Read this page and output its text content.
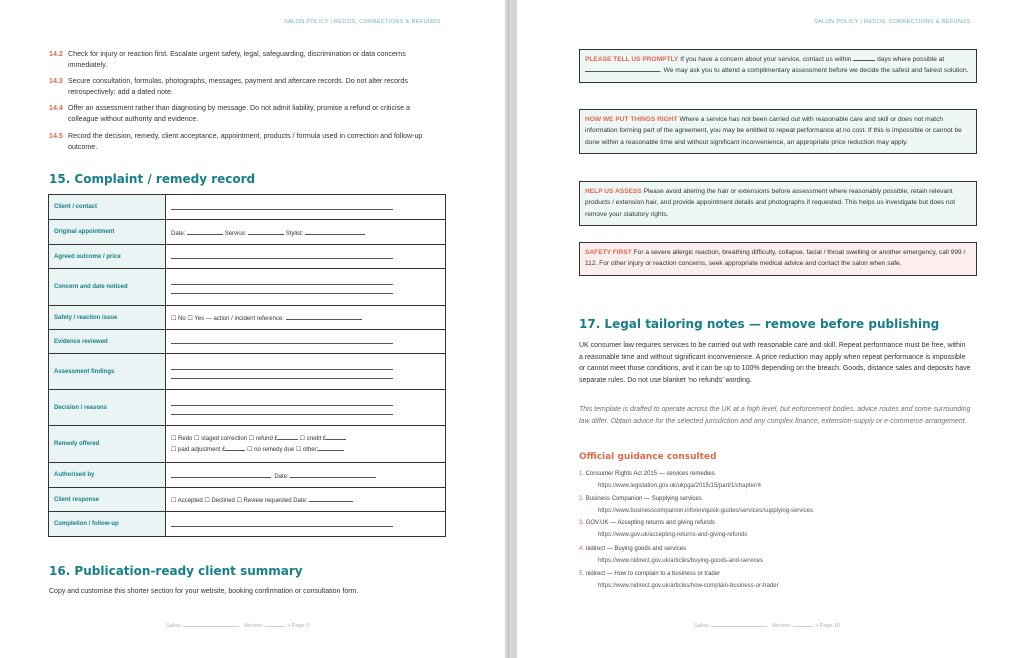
SALON POLICY | REDOS, CORRECTIONS & REFUNDS
14.2 Check for injury or reaction first. Escalate urgent safety, legal, safeguarding, discrimination or data concerns immediately.
14.3 Secure consultation, formulas, photographs, messages, payment and aftercare records. Do not alter records retrospectively; add a dated note.
14.4 Offer an assessment rather than diagnosing by message. Do not admit liability, promise a refund or criticise a colleague without authority and evidence.
14.5 Record the decision, remedy, client acceptance, appointment, products / formula used in correction and follow-up outcome.
15. Complaint / remedy record
Client / contact	

Original appointment	Date: Service: Stylist:
Agreed outcome / price	

Concern and date noticed	

Safety / reaction issue	☐ No ☐ Yes — action / incident reference:
Evidence reviewed	

Assessment findings	

Decision / reasons	

Remedy offered	☐ Redo ☐ staged correction ☐ refund £ ☐ credit £
☐ paid adjustment £ ☐ no remedy due ☐ other:

Authorised by	Date:
Client response	☐ Accepted ☐ Declined ☐ Review requested Date:
Completion / follow-up	
16. Publication-ready client summary
Copy and customise this shorter section for your website, booking confirmation or consultation form.
Salon:	Version:	• Page 9
SALON POLICY | REDOS, CORRECTIONS & REFUNDS
Salon:	Version:	• Page 10
PLEASE TELL US PROMPTLY If you have a concern about your service, contact us within	days where possible at . We may ask you to attend a complimentary assessment before we decide the safest and fairest solution.
HOW WE PUT THINGS RIGHT Where a service has not been carried out with reasonable care and skill or does not match information forming part of the agreement, you may be entitled to repeat performance at no cost. If this is impossible or cannot be done within a reasonable time and without significant inconvenience, an appropriate price reduction may apply.
HELP US ASSESS Please avoid altering the hair or extensions before assessment where reasonably possible, retain relevant products / extension hair, and provide appointment details and photographs if requested. This helps us investigate but does not remove your statutory rights.
SAFETY FIRST For a severe allergic reaction, breathing difficulty, collapse, facial / throat swelling or another emergency, call 999 / 112. For other injury or reaction concerns, seek appropriate medical advice and contact the salon when safe.
17. Legal tailoring notes — remove before publishing
UK consumer law requires services to be carried out with reasonable care and skill. Repeat performance must be free, within a reasonable time and without significant inconvenience. A price reduction may apply when repeat performance is impossible or cannot meet those conditions, and it can be up to 100% depending on the breach. Goods, distance sales and deposits have separate rules. Do not use blanket ‘no refunds’ wording.
This template is drafted to operate across the UK at a high level, but enforcement bodies, advice routes and some surrounding law differ. Obtain advice for the selected jurisdiction and any complex finance, extension-supply or e-commerce arrangement.
Official guidance consulted
1. Consumer Rights Act 2015 — services remedies
https://www.legislation.gov.uk/ukpga/2015/15/part/1/chapter/4
2. Business Companion — Supplying services
https://www.businesscompanion.info/en/quick-guides/services/supplying-services
3. GOV.UK — Accepting returns and giving refunds
https://www.gov.uk/accepting-returns-and-giving-refunds
4. nidirect — Buying goods and services
https://www.nidirect.gov.uk/articles/buying-goods-and-services
5. nidirect — How to complain to a business or trader
https://www.nidirect.gov.uk/articles/how-complain-business-or-trader
